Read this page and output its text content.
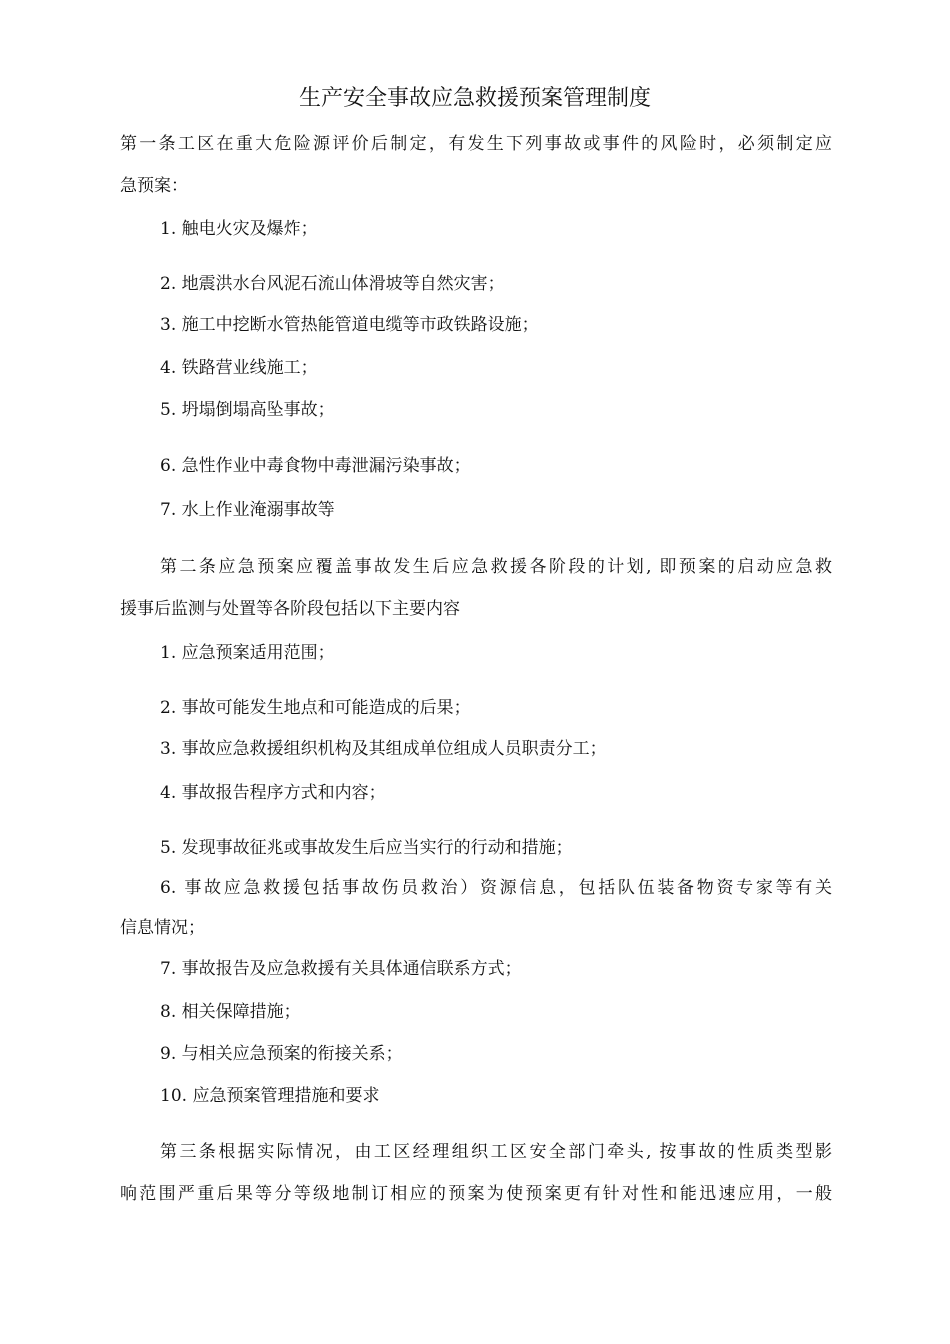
生产安全事故应急救援预案管理制度
第一条工区在重大危险源评价后制定，有发生下列事故或事件的风险时，必须制定应
急预案：
1. 触电火灾及爆炸；
2. 地震洪水台风泥石流山体滑坡等自然灾害；
3. 施工中挖断水管热能管道电缆等市政铁路设施；
4. 铁路营业线施工；
5. 坍塌倒塌高坠事故；
6. 急性作业中毒食物中毒泄漏污染事故；
7. 水上作业淹溺事故等
第二条应急预案应覆盖事故发生后应急救援各阶段的计划, 即预案的启动应急救
援事后监测与处置等各阶段包括以下主要内容
1. 应急预案适用范围；
2. 事故可能发生地点和可能造成的后果；
3. 事故应急救援组织机构及其组成单位组成人员职责分工；
4. 事故报告程序方式和内容；
5. 发现事故征兆或事故发生后应当实行的行动和措施；
6. 事故应急救援包括事故伤员救治）资源信息，包括队伍装备物资专家等有关
信息情况；
7. 事故报告及应急救援有关具体通信联系方式；
8. 相关保障措施；
9. 与相关应急预案的衔接关系；
10. 应急预案管理措施和要求
第三条根据实际情况，由工区经理组织工区安全部门牵头, 按事故的性质类型影
响范围严重后果等分等级地制订相应的预案为使预案更有针对性和能迅速应用，一般
